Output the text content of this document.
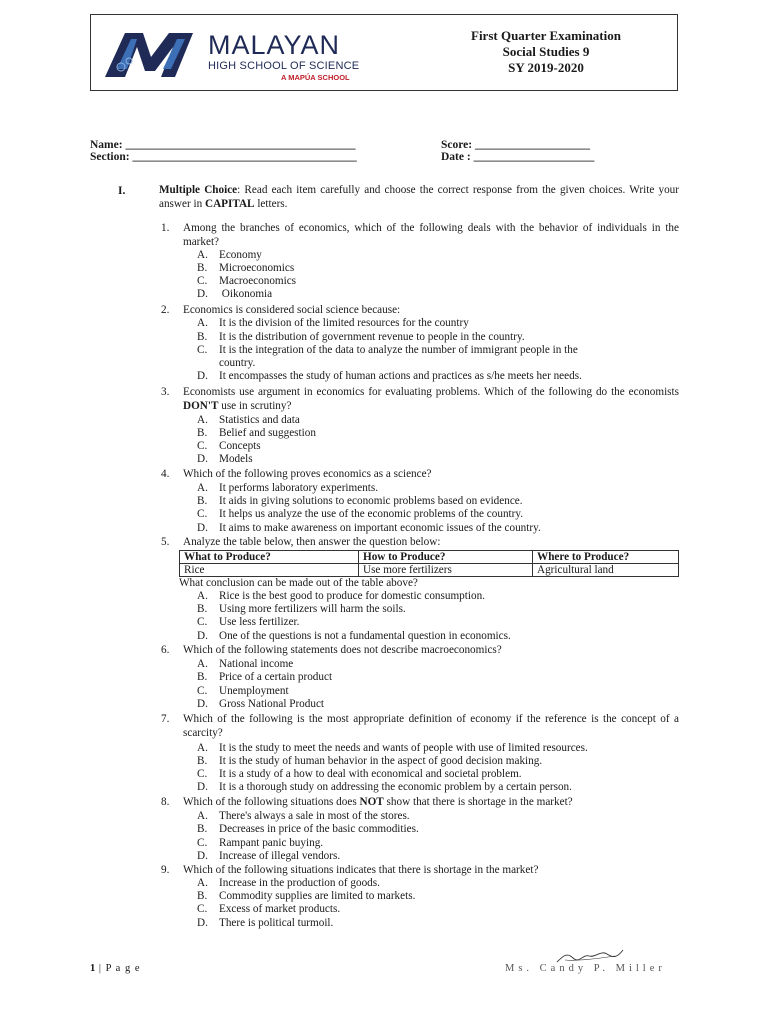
MALAYAN
HIGH SCHOOL OF SCIENCE
A MAPÚA SCHOOL
First Quarter Examination
Social Studies 9
SY 2019-2020
Name: ________________________________________
Section: _______________________________________
Score: ____________________
Date : _____________________
I.	Multiple Choice: Read each item carefully and choose the correct response from the given choices. Write your answer in CAPITAL letters.
1.	Among the branches of economics, which of the following deals with the behavior of individuals in the market?
A. Economy
B. Microeconomics
C. Macroeconomics
D. Oikonomia
2.	Economics is considered social science because:
A. It is the division of the limited resources for the country
B. It is the distribution of government revenue to people in the country.
C. It is the integration of the data to analyze the number of immigrant people in the
country.
D. It encompasses the study of human actions and practices as s/he meets her needs.
3.	Economists use argument in economics for evaluating problems. Which of the following do the economists DON'T use in scrutiny?
A. Statistics and data
B. Belief and suggestion
C. Concepts
D. Models
4.	Which of the following proves economics as a science?
A. It performs laboratory experiments.
B. It aids in giving solutions to economic problems based on evidence.
C. It helps us analyze the use of the economic problems of the country.
D. It aims to make awareness on important economic issues of the country.
5.	Analyze the table below, then answer the question below:
What to Produce?	How to Produce?	Where to Produce?
Rice	Use more fertilizers	Agricultural land
What conclusion can be made out of the table above?
A. Rice is the best good to produce for domestic consumption.
B. Using more fertilizers will harm the soils.
C. Use less fertilizer.
D. One of the questions is not a fundamental question in economics.
6.	Which of the following statements does not describe macroeconomics?
A. National income
B. Price of a certain product
C. Unemployment
D. Gross National Product
7.	Which of the following is the most appropriate definition of economy if the reference is the concept of a scarcity?
A. It is the study to meet the needs and wants of people with use of limited resources.
B. It is the study of human behavior in the aspect of good decision making.
C. It is a study of a how to deal with economical and societal problem.
D. It is a thorough study on addressing the economic problem by a certain person.
8.	Which of the following situations does NOT show that there is shortage in the market?
A. There's always a sale in most of the stores.
B. Decreases in price of the basic commodities.
C. Rampant panic buying.
D. Increase of illegal vendors.
9.	Which of the following situations indicates that there is shortage in the market?
A. Increase in the production of goods.
B. Commodity supplies are limited to markets.
C. Excess of market products.
D. There is political turmoil.
1 | P a g e	Ms. Candy P. Miller
